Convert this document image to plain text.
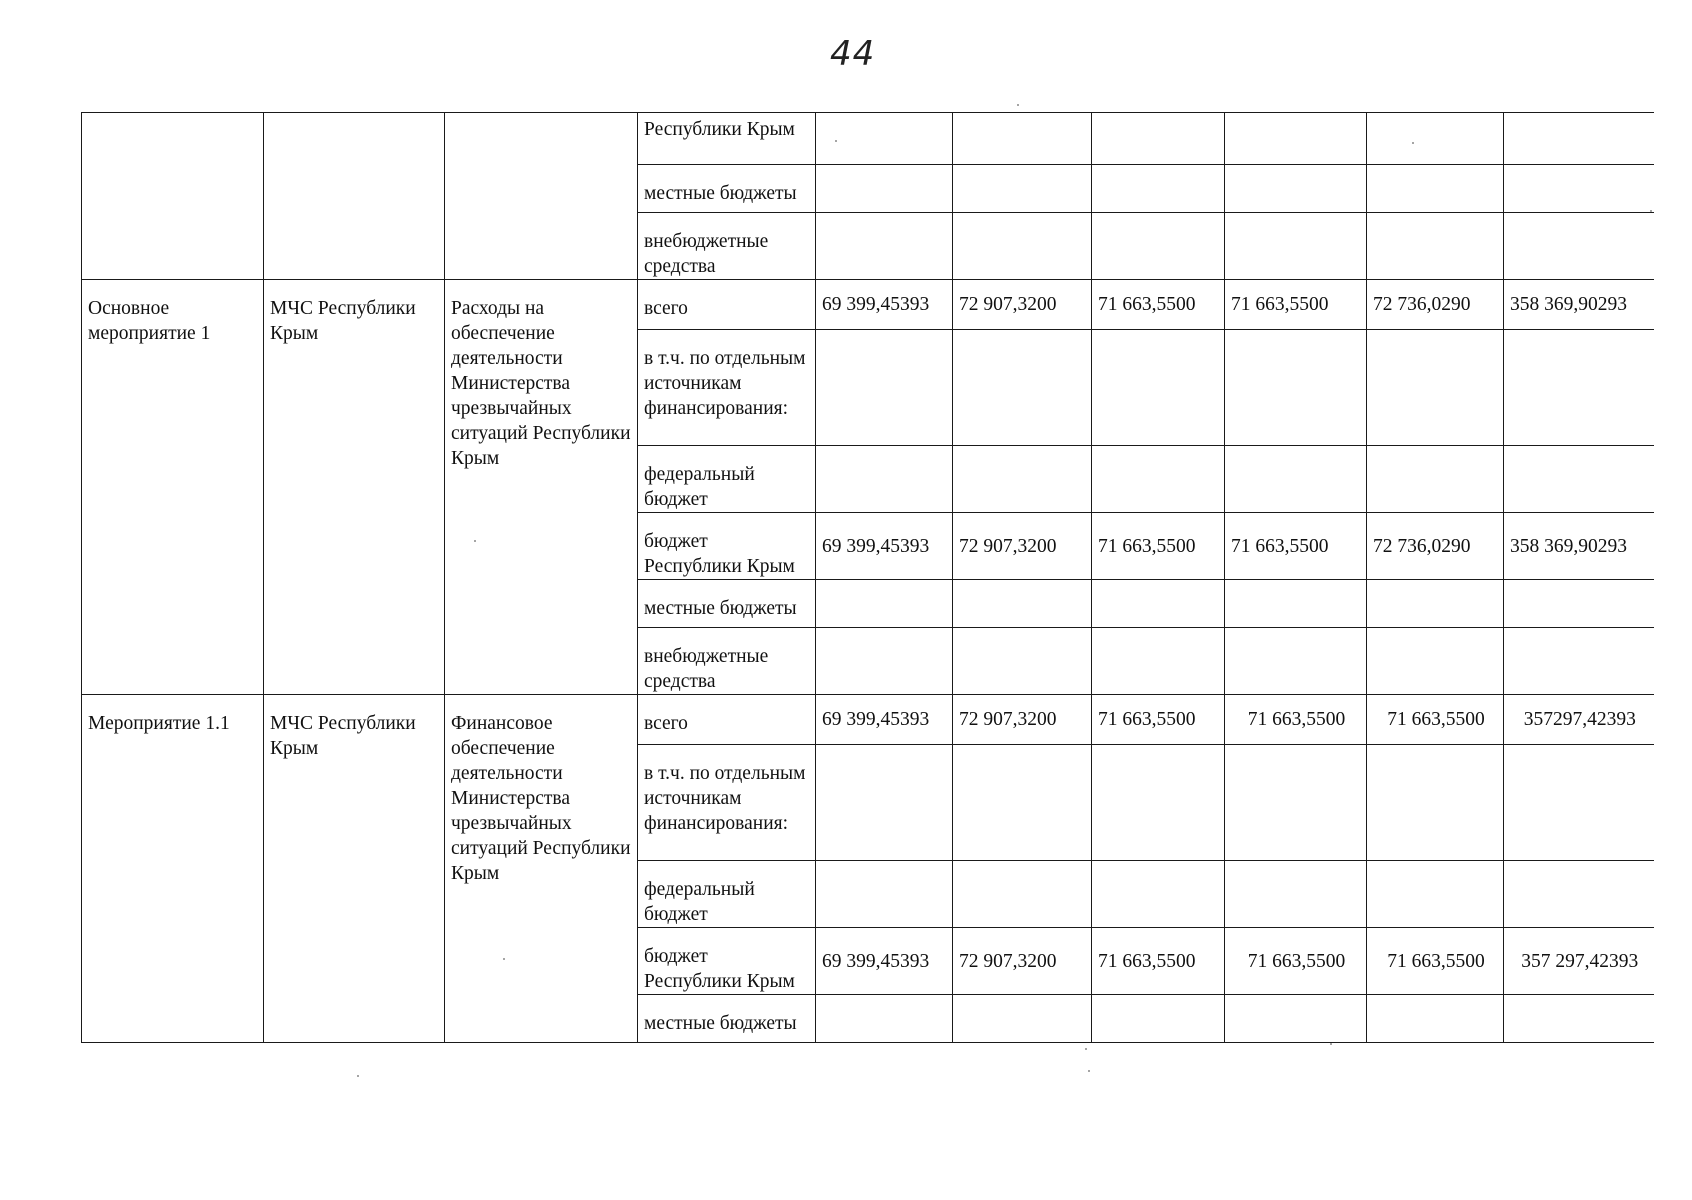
44
			Республики Крым						
			местные бюджеты						
			внебюджетные средства						
Основное мероприятие 1	МЧС Республики Крым	Расходы на обеспечение деятельности Министерства чрезвычайных ситуаций Республики Крым	всего	69 399,45393	72 907,3200	71 663,5500	71 663,5500	72 736,0290	358 369,90293
			в т.ч. по отдельным источникам финансирования:						
			федеральный бюджет						
			бюджет Республики Крым	69 399,45393	72 907,3200	71 663,5500	71 663,5500	72 736,0290	358 369,90293
			местные бюджеты						
			внебюджетные средства						
Мероприятие 1.1	МЧС Республики Крым	Финансовое обеспечение деятельности Министерства чрезвычайных ситуаций Республики Крым	всего	69 399,45393	72 907,3200	71 663,5500	71 663,5500	71 663,5500	357297,42393
			в т.ч. по отдельным источникам финансирования:						
			федеральный бюджет						
			бюджет Республики Крым	69 399,45393	72 907,3200	71 663,5500	71 663,5500	71 663,5500	357 297,42393
			местные бюджеты						
